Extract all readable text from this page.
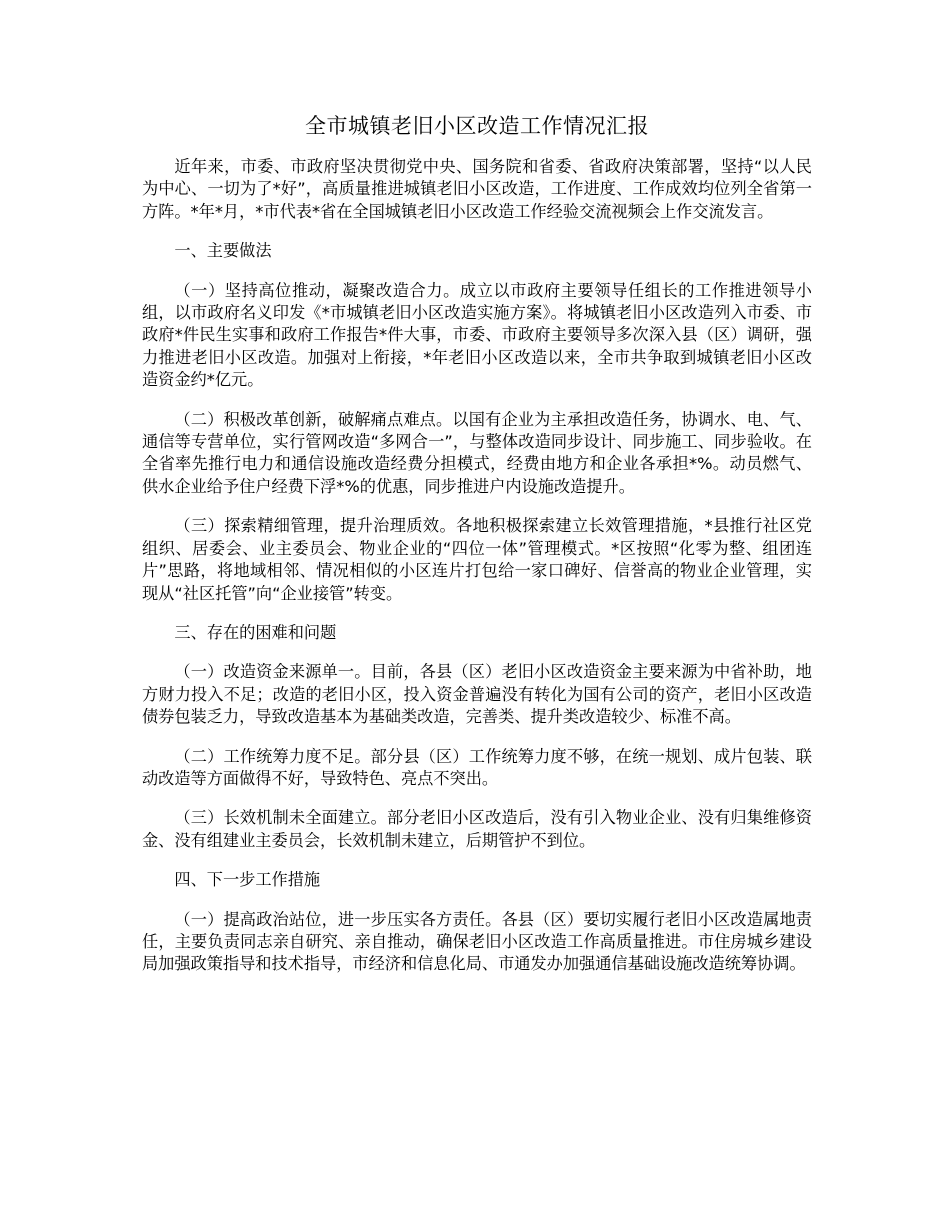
全市城镇老旧小区改造工作情况汇报

近年来，市委、市政府坚决贯彻党中央、国务院和省委、省政府决策部署，坚持“以人民为中心、一切为了*好”，高质量推进城镇老旧小区改造，工作进度、工作成效均位列全省第一方阵。*年*月，*市代表*省在全国城镇老旧小区改造工作经验交流视频会上作交流发言。

一、主要做法

（一）坚持高位推动，凝聚改造合力。成立以市政府主要领导任组长的工作推进领导小组，以市政府名义印发《*市城镇老旧小区改造实施方案》。将城镇老旧小区改造列入市委、市政府*件民生实事和政府工作报告*件大事，市委、市政府主要领导多次深入县（区）调研，强力推进老旧小区改造。加强对上衔接，*年老旧小区改造以来，全市共争取到城镇老旧小区改造资金约*亿元。

（二）积极改革创新，破解痛点难点。以国有企业为主承担改造任务，协调水、电、气、通信等专营单位，实行管网改造“多网合一”，与整体改造同步设计、同步施工、同步验收。在全省率先推行电力和通信设施改造经费分担模式，经费由地方和企业各承担*%。动员燃气、供水企业给予住户经费下浮*%的优惠，同步推进户内设施改造提升。

（三）探索精细管理，提升治理质效。各地积极探索建立长效管理措施，*县推行社区党组织、居委会、业主委员会、物业企业的“四位一体”管理模式。*区按照“化零为整、组团连片”思路，将地域相邻、情况相似的小区连片打包给一家口碑好、信誉高的物业企业管理，实现从“社区托管”向“企业接管”转变。

三、存在的困难和问题

（一）改造资金来源单一。目前，各县（区）老旧小区改造资金主要来源为中省补助，地方财力投入不足；改造的老旧小区，投入资金普遍没有转化为国有公司的资产，老旧小区改造债券包装乏力，导致改造基本为基础类改造，完善类、提升类改造较少、标准不高。

（二）工作统筹力度不足。部分县（区）工作统筹力度不够，在统一规划、成片包装、联动改造等方面做得不好，导致特色、亮点不突出。

（三）长效机制未全面建立。部分老旧小区改造后，没有引入物业企业、没有归集维修资金、没有组建业主委员会，长效机制未建立，后期管护不到位。

四、下一步工作措施

（一）提高政治站位，进一步压实各方责任。各县（区）要切实履行老旧小区改造属地责任，主要负责同志亲自研究、亲自推动，确保老旧小区改造工作高质量推进。市住房城乡建设局加强政策指导和技术指导，市经济和信息化局、市通发办加强通信基础设施改造统筹协调。
